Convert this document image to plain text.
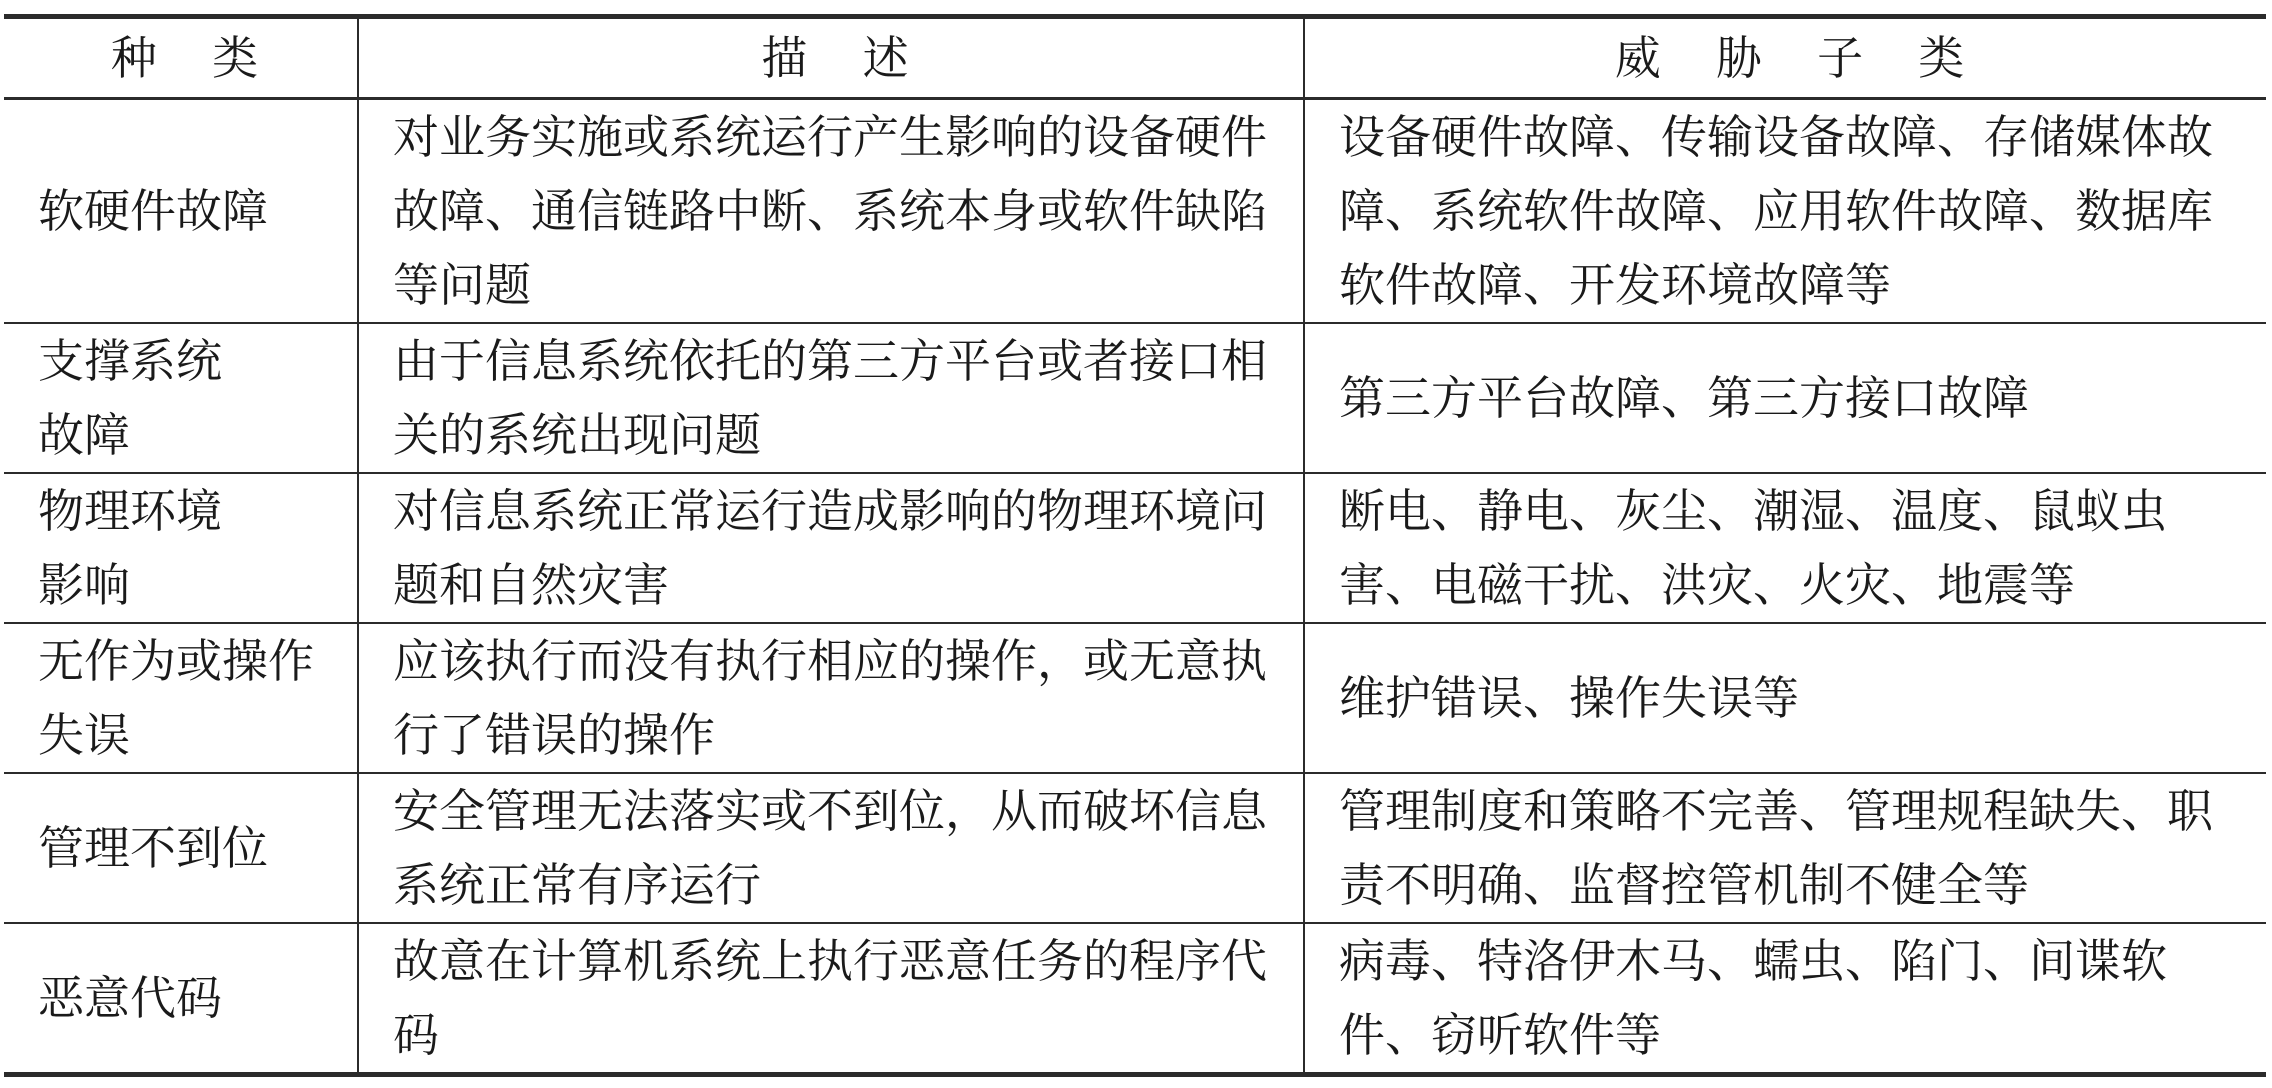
种 类	描 述	威 胁 子 类
软硬件故障	对业务实施或系统运行产生影响的设备硬件故障、通信链路中断、系统本身或软件缺陷等问题	设备硬件故障、传输设备故障、存储媒体故障、系统软件故障、应用软件故障、数据库软件故障、开发环境故障等
支撑系统故障	由于信息系统依托的第三方平台或者接口相关的系统出现问题	第三方平台故障、第三方接口故障
物理环境影响	对信息系统正常运行造成影响的物理环境问题和自然灾害	断电、静电、灰尘、潮湿、温度、鼠蚁虫害、电磁干扰、洪灾、火灾、地震等
无作为或操作失误	应该执行而没有执行相应的操作，或无意执行了错误的操作	维护错误、操作失误等
管理不到位	安全管理无法落实或不到位，从而破坏信息系统正常有序运行	管理制度和策略不完善、管理规程缺失、职责不明确、监督控管机制不健全等
恶意代码	故意在计算机系统上执行恶意任务的程序代码	病毒、特洛伊木马、蠕虫、陷门、间谍软件、窃听软件等
